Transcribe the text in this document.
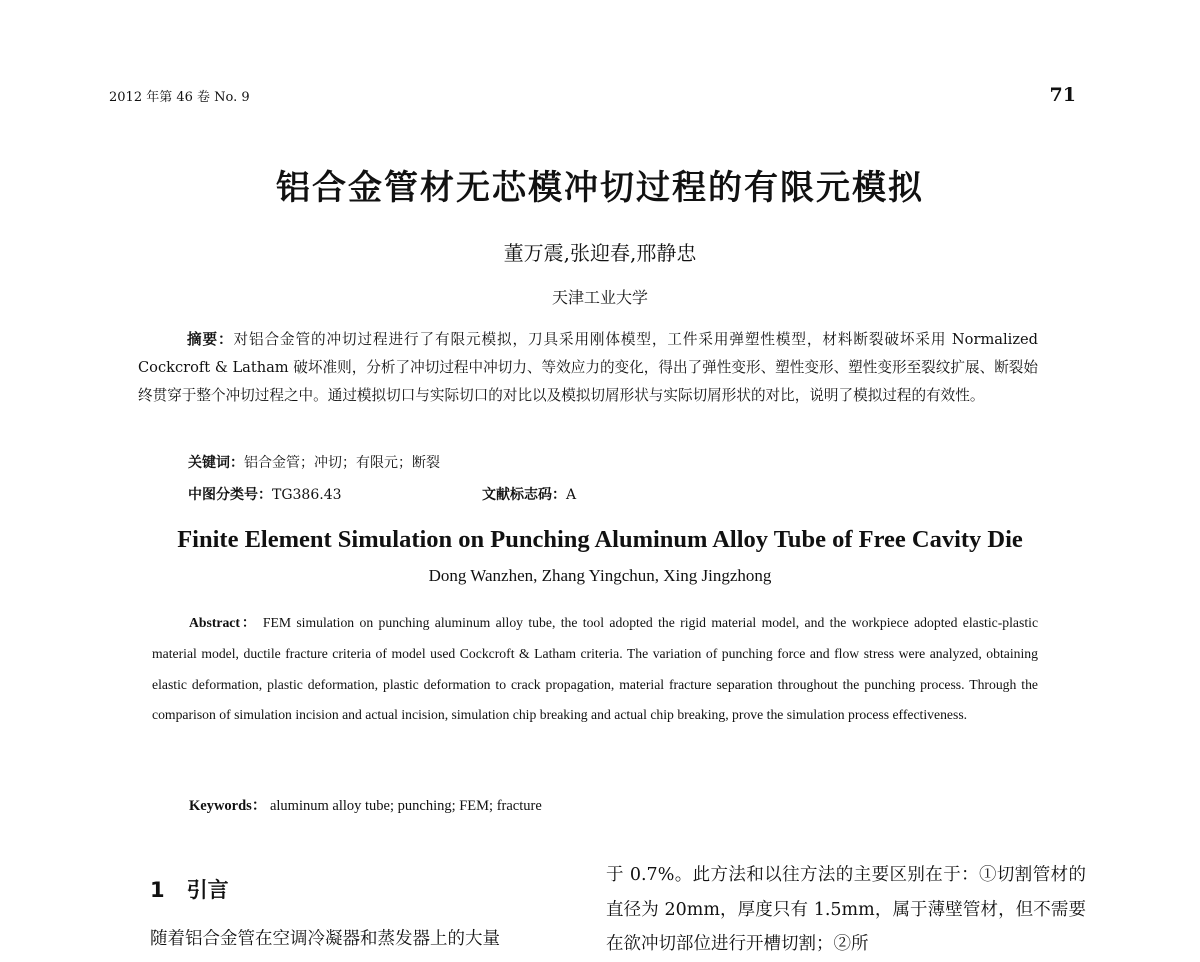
2012 年第 46 卷 No. 9	71
铝合金管材无芯模冲切过程的有限元模拟
董万震,张迎春,邢静忠
天津工业大学

摘要：对铝合金管的冲切过程进行了有限元模拟，刀具采用刚体模型，工件采用弹塑性模型，材料断裂破坏采用 Normalized Cockcroft & Latham 破坏准则，分析了冲切过程中冲切力、等效应力的变化，得出了弹性变形、塑性变形、塑性变形至裂纹扩展、断裂始终贯穿于整个冲切过程之中。通过模拟切口与实际切口的对比以及模拟切屑形状与实际切屑形状的对比，说明了模拟过程的有效性。

关键词：铝合金管；冲切；有限元；断裂
中图分类号：TG386.43	文献标志码：A
Finite Element Simulation on Punching Aluminum Alloy Tube of Free Cavity Die
Dong Wanzhen, Zhang Yingchun, Xing Jingzhong

Abstract： FEM simulation on punching aluminum alloy tube, the tool adopted the rigid material model, and the workpiece adopted elastic-plastic material model, ductile fracture criteria of model used Cockcroft & Latham criteria. The variation of punching force and flow stress were analyzed, obtaining elastic deformation, plastic deformation, plastic deformation to crack propagation, material fracture separation throughout the punching process. Through the comparison of simulation incision and actual incision, simulation chip breaking and actual chip breaking, prove the simulation process effectiveness.

Keywords： aluminum alloy tube; punching; FEM; fracture
1 引言

随着铝合金管在空调冷凝器和蒸发器上的大量

于 0.7%。此方法和以往方法的主要区别在于：①切割管材的直径为 20mm，厚度只有 1.5mm，属于薄壁管材，但不需要在欲冲切部位进行开槽切割；②所
